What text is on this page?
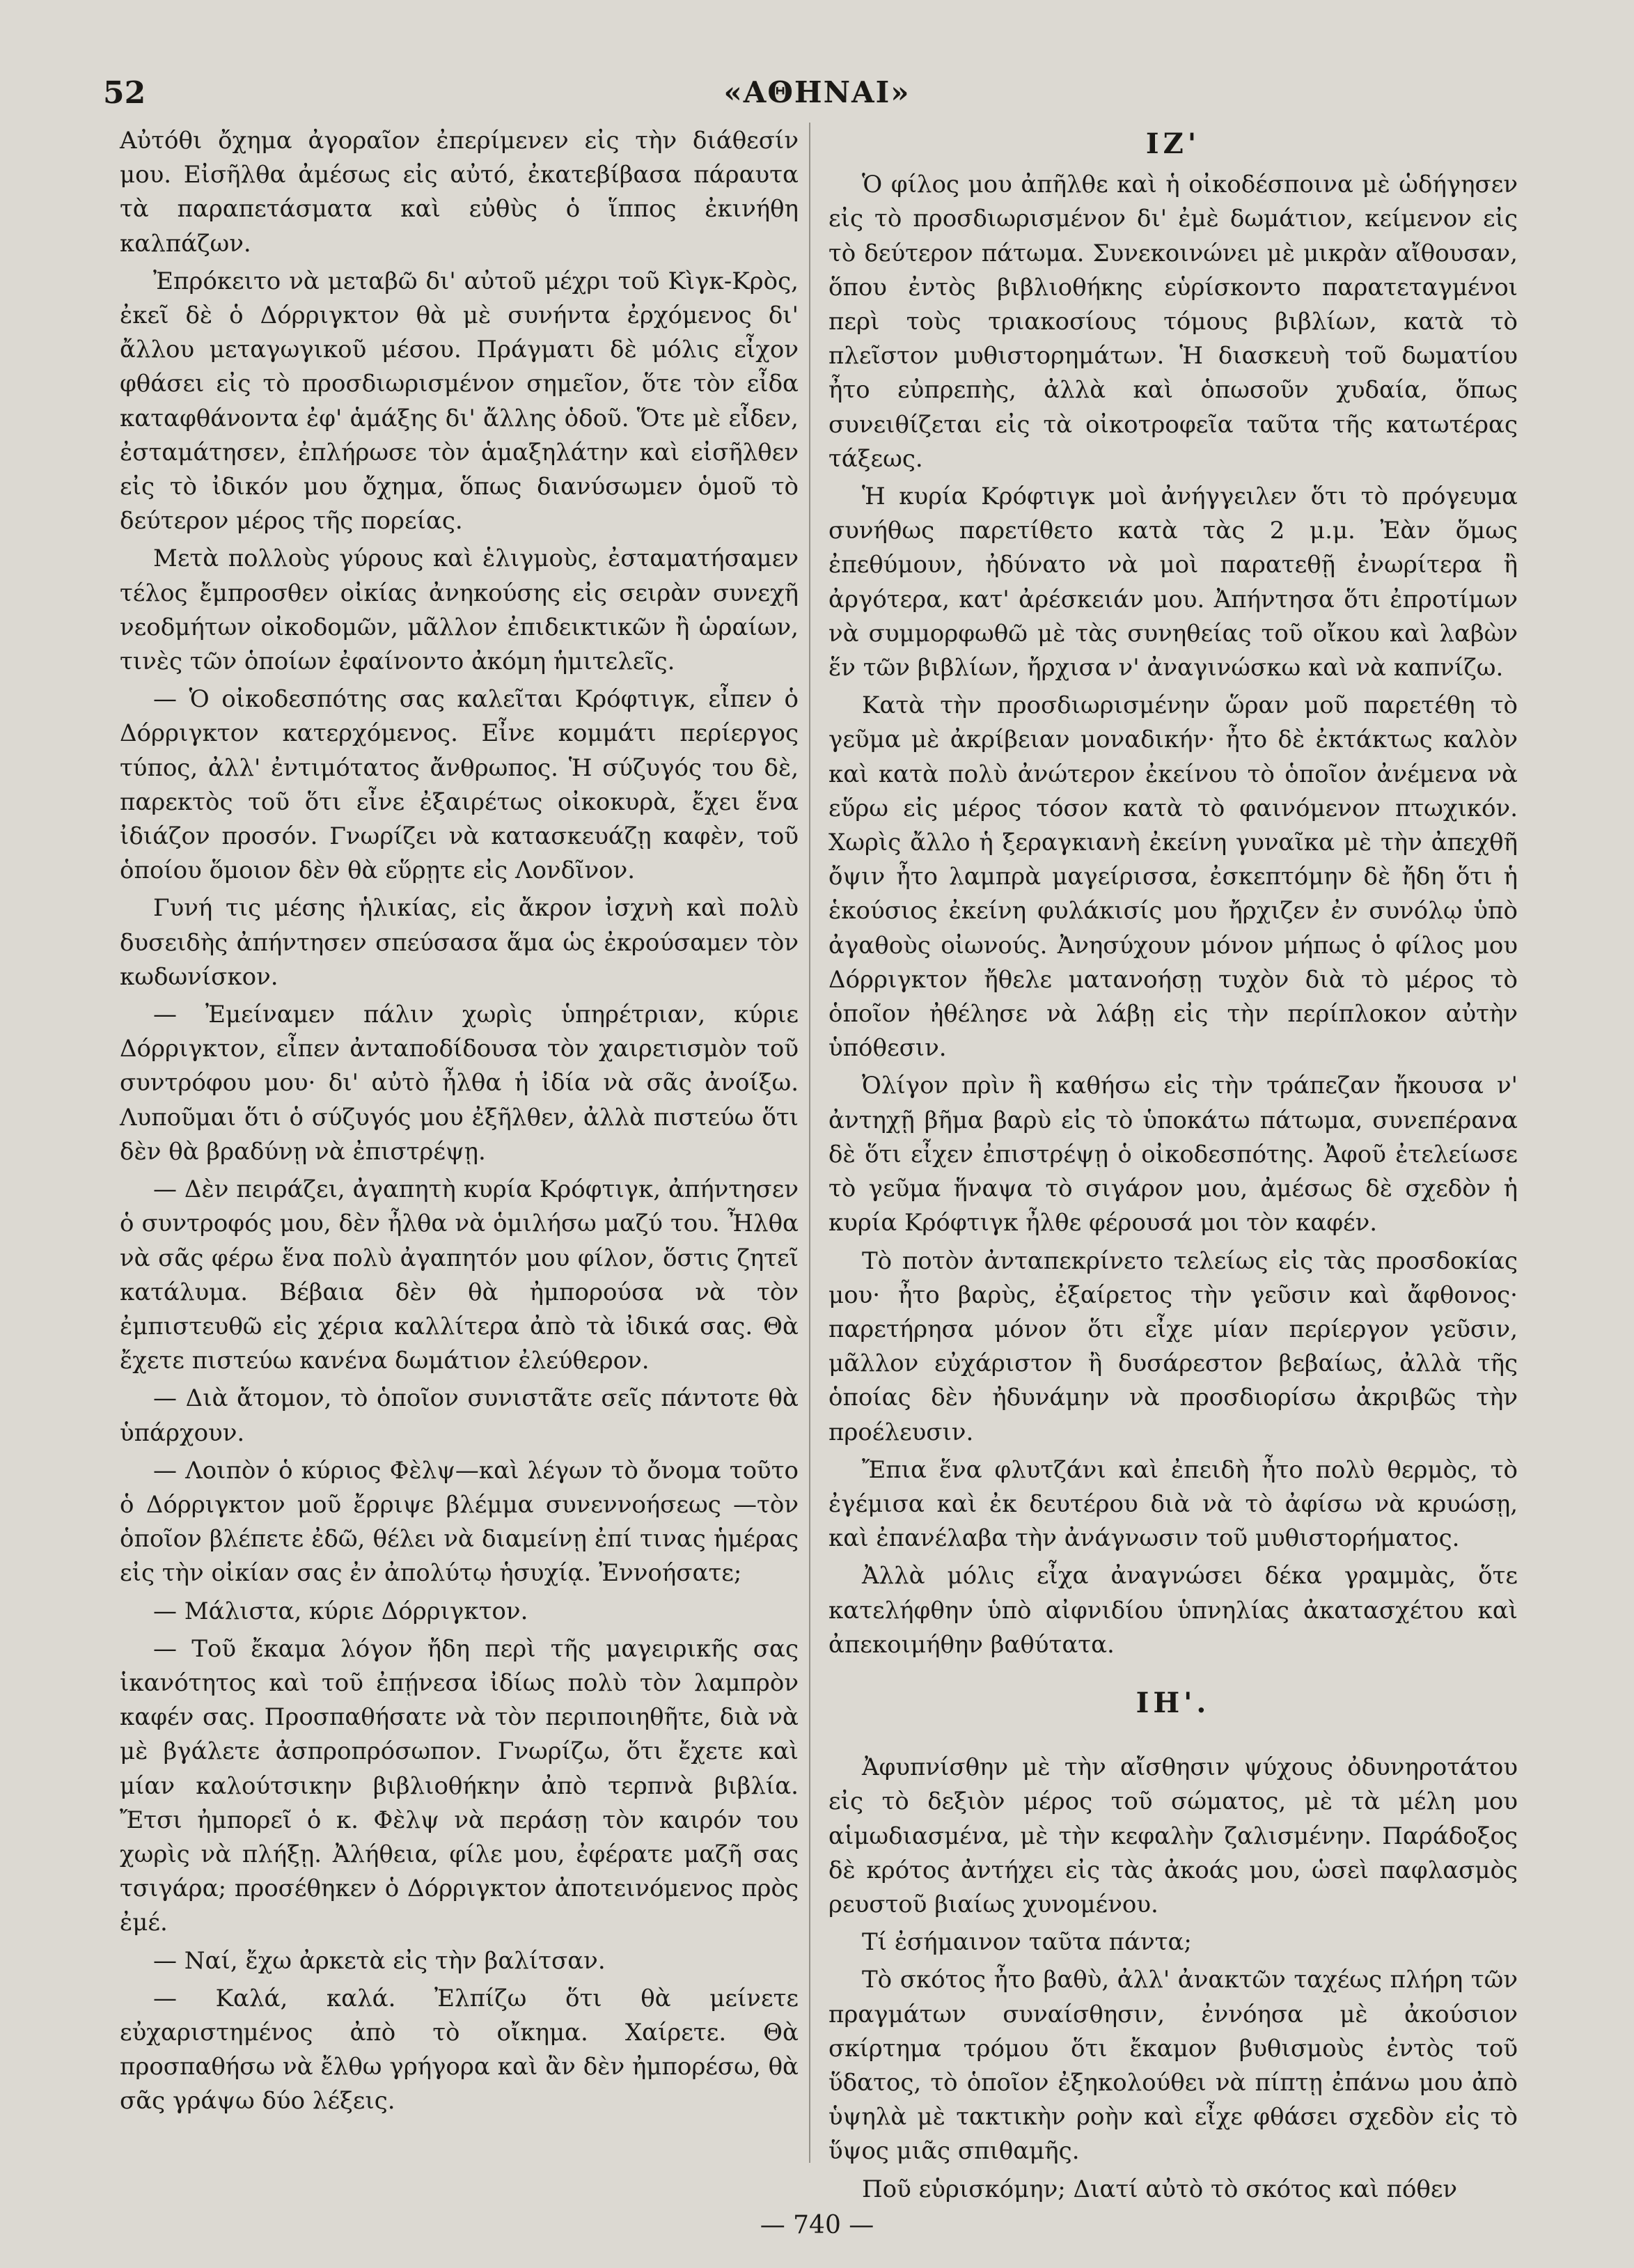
52	«ΑΘΗΝΑΙ»

Αὐτόθι ὄχημα ἀγοραῖον ἐπερίμενεν εἰς τὴν διάθεσίν μου. Εἰσῆλθα ἀμέσως εἰς αὐτό, ἐκατεβίβασα πάραυτα τὰ παραπετάσματα καὶ εὐθὺς ὁ ἵππος ἐκινήθη καλπάζων.

Ἐπρόκειτο νὰ μεταβῶ δι' αὐτοῦ μέχρι τοῦ Κὶγκ-Κρὸς, ἐκεῖ δὲ ὁ Δόρριγκτον θὰ μὲ συνήντα ἐρχόμενος δι' ἄλλου μεταγωγικοῦ μέσου. Πράγματι δὲ μόλις εἶχον φθάσει εἰς τὸ προσδιωρισμένον σημεῖον, ὅτε τὸν εἶδα καταφθάνοντα ἐφ' ἁμάξης δι' ἄλλης ὁδοῦ. Ὅτε μὲ εἶδεν, ἐσταμάτησεν, ἐπλήρωσε τὸν ἁμαξηλάτην καὶ εἰσῆλθεν εἰς τὸ ἰδικόν μου ὄχημα, ὅπως διανύσωμεν ὁμοῦ τὸ δεύτερον μέρος τῆς πορείας.

Μετὰ πολλοὺς γύρους καὶ ἑλιγμοὺς, ἐσταματήσαμεν τέλος ἔμπροσθεν οἰκίας ἀνηκούσης εἰς σειρὰν συνεχῆ νεοδμήτων οἰκοδομῶν, μᾶλλον ἐπιδεικτικῶν ἢ ὡραίων, τινὲς τῶν ὁποίων ἐφαίνοντο ἀκόμη ἡμιτελεῖς.

— Ὁ οἰκοδεσπότης σας καλεῖται Κρόφτιγκ, εἶπεν ὁ Δόρριγκτον κατερχόμενος. Εἶνε κομμάτι περίεργος τύπος, ἀλλ' ἐντιμότατος ἄνθρωπος. Ἡ σύζυγός του δὲ, παρεκτὸς τοῦ ὅτι εἶνε ἐξαιρέτως οἰκοκυρὰ, ἔχει ἕνα ἰδιάζον προσόν. Γνωρίζει νὰ κατασκευάζῃ καφὲν, τοῦ ὁποίου ὅμοιον δὲν θὰ εὕρῃτε εἰς Λονδῖνον.

Γυνή τις μέσης ἡλικίας, εἰς ἄκρον ἰσχνὴ καὶ πολὺ δυσειδὴς ἀπήντησεν σπεύσασα ἅμα ὡς ἐκρούσαμεν τὸν κωδωνίσκον.

— Ἐμείναμεν πάλιν χωρὶς ὑπηρέτριαν, κύριε Δόρριγκτον, εἶπεν ἀνταποδίδουσα τὸν χαιρετισμὸν τοῦ συντρόφου μου· δι' αὐτὸ ἦλθα ἡ ἰδία νὰ σᾶς ἀνοίξω. Λυποῦμαι ὅτι ὁ σύζυγός μου ἐξῆλθεν, ἀλλὰ πιστεύω ὅτι δὲν θὰ βραδύνῃ νὰ ἐπιστρέψῃ.

— Δὲν πειράζει, ἀγαπητὴ κυρία Κρόφτιγκ, ἀπήντησεν ὁ συντροφός μου, δὲν ἦλθα νὰ ὁμιλήσω μαζύ του. Ἦλθα νὰ σᾶς φέρω ἕνα πολὺ ἀγαπητόν μου φίλον, ὅστις ζητεῖ κατάλυμα. Βέβαια δὲν θὰ ἠμπορούσα νὰ τὸν ἐμπιστευθῶ εἰς χέρια καλλίτερα ἀπὸ τὰ ἰδικά σας. Θὰ ἔχετε πιστεύω κανένα δωμάτιον ἐλεύθερον.

— Διὰ ἄτομον, τὸ ὁποῖον συνιστᾶτε σεῖς πάντοτε θὰ ὑπάρχουν.

— Λοιπὸν ὁ κύριος Φὲλψ—καὶ λέγων τὸ ὄνομα τοῦτο ὁ Δόρριγκτον μοῦ ἔρριψε βλέμμα συνεννοήσεως —τὸν ὁποῖον βλέπετε ἐδῶ, θέλει νὰ διαμείνῃ ἐπί τινας ἡμέρας εἰς τὴν οἰκίαν σας ἐν ἀπολύτῳ ἡσυχίᾳ. Ἐννοήσατε;

— Μάλιστα, κύριε Δόρριγκτον.

— Τοῦ ἔκαμα λόγον ἤδη περὶ τῆς μαγειρικῆς σας ἱκανότητος καὶ τοῦ ἐπῄνεσα ἰδίως πολὺ τὸν λαμπρὸν καφέν σας. Προσπαθήσατε νὰ τὸν περιποιηθῆτε, διὰ νὰ μὲ βγάλετε ἀσπροπρόσωπον. Γνωρίζω, ὅτι ἔχετε καὶ μίαν καλούτσικην βιβλιοθήκην ἀπὸ τερπνὰ βιβλία. Ἔτσι ἠμπορεῖ ὁ κ. Φὲλψ νὰ περάσῃ τὸν καιρόν του χωρὶς νὰ πλήξῃ. Ἀλήθεια, φίλε μου, ἐφέρατε μαζῆ σας τσιγάρα; προσέθηκεν ὁ Δόρριγκτον ἀποτεινόμενος πρὸς ἐμέ.

— Ναί, ἔχω ἀρκετὰ εἰς τὴν βαλίτσαν.

— Καλά, καλά. Ἐλπίζω ὅτι θὰ μείνετε εὐχαριστημένος ἀπὸ τὸ οἴκημα. Χαίρετε. Θὰ προσπαθήσω νὰ ἔλθω γρήγορα καὶ ἂν δὲν ἠμπορέσω, θὰ σᾶς γράψω δύο λέξεις.

ΙΖ'

Ὁ φίλος μου ἀπῆλθε καὶ ἡ οἰκοδέσποινα μὲ ὡδήγησεν εἰς τὸ προσδιωρισμένον δι' ἐμὲ δωμάτιον, κείμενον εἰς τὸ δεύτερον πάτωμα. Συνεκοινώνει μὲ μικρὰν αἴθουσαν, ὅπου ἐντὸς βιβλιοθήκης εὑρίσκοντο παρατεταγμένοι περὶ τοὺς τριακοσίους τόμους βιβλίων, κατὰ τὸ πλεῖστον μυθιστορημάτων. Ἡ διασκευὴ τοῦ δωματίου ἦτο εὐπρεπὴς, ἀλλὰ καὶ ὁπωσοῦν χυδαία, ὅπως συνειθίζεται εἰς τὰ οἰκοτροφεῖα ταῦτα τῆς κατωτέρας τάξεως.

Ἡ κυρία Κρόφτιγκ μοὶ ἀνήγγειλεν ὅτι τὸ πρόγευμα συνήθως παρετίθετο κατὰ τὰς 2 μ.μ. Ἐὰν ὅμως ἐπεθύμουν, ἠδύνατο νὰ μοὶ παρατεθῇ ἐνωρίτερα ἢ ἀργότερα, κατ' ἀρέσκειάν μου. Ἀπήντησα ὅτι ἐπροτίμων νὰ συμμορφωθῶ μὲ τὰς συνηθείας τοῦ οἴκου καὶ λαβὼν ἕν τῶν βιβλίων, ἤρχισα ν' ἀναγινώσκω καὶ νὰ καπνίζω.

Κατὰ τὴν προσδιωρισμένην ὥραν μοῦ παρετέθη τὸ γεῦμα μὲ ἀκρίβειαν μοναδικήν· ἦτο δὲ ἐκτάκτως καλὸν καὶ κατὰ πολὺ ἀνώτερον ἐκείνου τὸ ὁποῖον ἀνέμενα νὰ εὕρω εἰς μέρος τόσον κατὰ τὸ φαινόμενον πτωχικόν. Χωρὶς ἄλλο ἡ ξεραγκιανὴ ἐκείνη γυναῖκα μὲ τὴν ἀπεχθῆ ὄψιν ἦτο λαμπρὰ μαγείρισσα, ἐσκεπτόμην δὲ ἤδη ὅτι ἡ ἑκούσιος ἐκείνη φυλάκισίς μου ἤρχιζεν ἐν συνόλῳ ὑπὸ ἀγαθοὺς οἰωνούς. Ἀνησύχουν μόνον μήπως ὁ φίλος μου Δόρριγκτον ἤθελε ματανοήσῃ τυχὸν διὰ τὸ μέρος τὸ ὁποῖον ἠθέλησε νὰ λάβῃ εἰς τὴν περίπλοκον αὐτὴν ὑπόθεσιν.

Ὀλίγον πρὶν ἢ καθήσω εἰς τὴν τράπεζαν ἤκουσα ν' ἀντηχῇ βῆμα βαρὺ εἰς τὸ ὑποκάτω πάτωμα, συνεπέρανα δὲ ὅτι εἶχεν ἐπιστρέψῃ ὁ οἰκοδεσπότης. Ἀφοῦ ἐτελείωσε τὸ γεῦμα ἥναψα τὸ σιγάρον μου, ἀμέσως δὲ σχεδὸν ἡ κυρία Κρόφτιγκ ἦλθε φέρουσά μοι τὸν καφέν.

Τὸ ποτὸν ἀνταπεκρίνετο τελείως εἰς τὰς προσδοκίας μου· ἦτο βαρὺς, ἐξαίρετος τὴν γεῦσιν καὶ ἄφθονος· παρετήρησα μόνον ὅτι εἶχε μίαν περίεργον γεῦσιν, μᾶλλον εὐχάριστον ἢ δυσάρεστον βεβαίως, ἀλλὰ τῆς ὁποίας δὲν ἠδυνάμην νὰ προσδιορίσω ἀκριβῶς τὴν προέλευσιν.

Ἔπια ἕνα φλυτζάνι καὶ ἐπειδὴ ἦτο πολὺ θερμὸς, τὸ ἐγέμισα καὶ ἐκ δευτέρου διὰ νὰ τὸ ἀφίσω νὰ κρυώσῃ, καὶ ἐπανέλαβα τὴν ἀνάγνωσιν τοῦ μυθιστορήματος.

Ἀλλὰ μόλις εἶχα ἀναγνώσει δέκα γραμμὰς, ὅτε κατελήφθην ὑπὸ αἰφνιδίου ὑπνηλίας ἀκατασχέτου καὶ ἀπεκοιμήθην βαθύτατα.

ΙΗ'.

Ἀφυπνίσθην μὲ τὴν αἴσθησιν ψύχους ὀδυνηροτάτου εἰς τὸ δεξιὸν μέρος τοῦ σώματος, μὲ τὰ μέλη μου αἱμωδιασμένα, μὲ τὴν κεφαλὴν ζαλισμένην. Παράδοξος δὲ κρότος ἀντήχει εἰς τὰς ἀκοάς μου, ὡσεὶ παφλασμὸς ρευστοῦ βιαίως χυνομένου.

Τί ἐσήμαινον ταῦτα πάντα;

Τὸ σκότος ἦτο βαθὺ, ἀλλ' ἀνακτῶν ταχέως πλήρη τῶν πραγμάτων συναίσθησιν, ἐννόησα μὲ ἀκούσιον σκίρτημα τρόμου ὅτι ἔκαμον βυθισμοὺς ἐντὸς τοῦ ὕδατος, τὸ ὁποῖον ἐξηκολούθει νὰ πίπτῃ ἐπάνω μου ἀπὸ ὑψηλὰ μὲ τακτικὴν ροὴν καὶ εἶχε φθάσει σχεδὸν εἰς τὸ ὕψος μιᾶς σπιθαμῆς.

Ποῦ εὑρισκόμην; Διατί αὐτὸ τὸ σκότος καὶ πόθεν

— 740 —
